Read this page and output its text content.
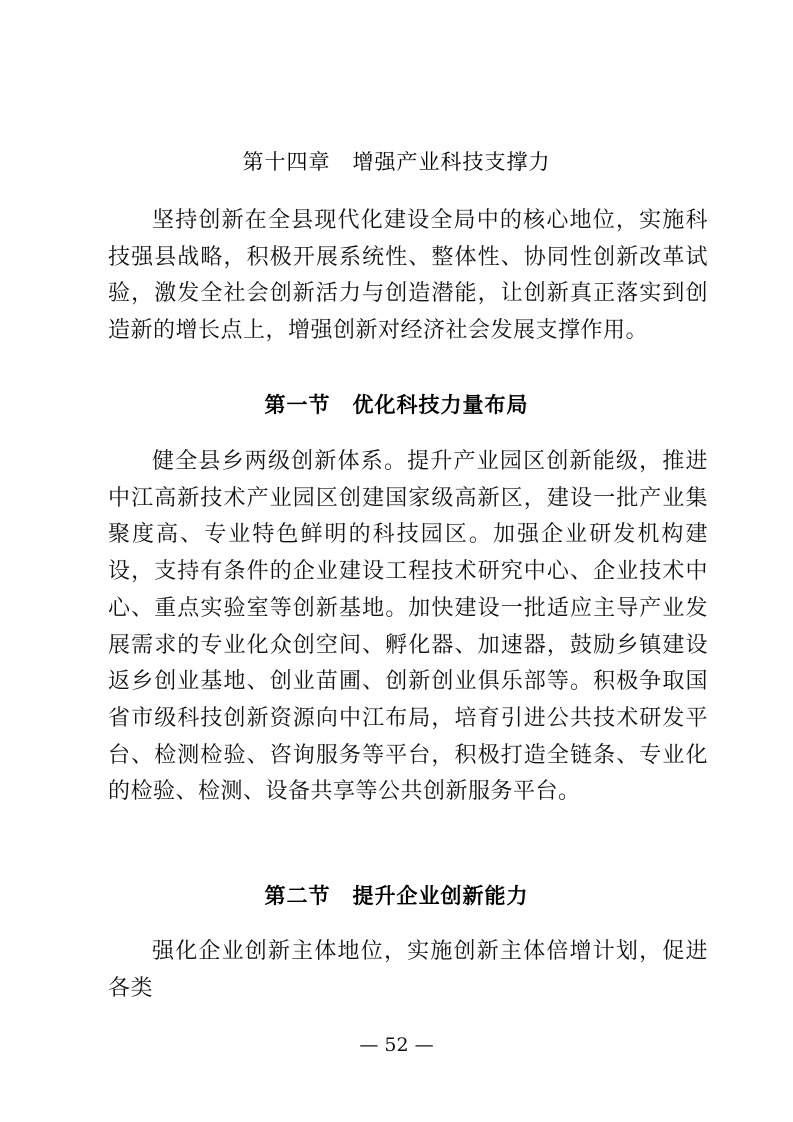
第十四章　增强产业科技支撑力

坚持创新在全县现代化建设全局中的核心地位，实施科技强县战略，积极开展系统性、整体性、协同性创新改革试验，激发全社会创新活力与创造潜能，让创新真正落实到创造新的增长点上，增强创新对经济社会发展支撑作用。

第一节　优化科技力量布局

健全县乡两级创新体系。提升产业园区创新能级，推进中江高新技术产业园区创建国家级高新区，建设一批产业集聚度高、专业特色鲜明的科技园区。加强企业研发机构建设，支持有条件的企业建设工程技术研究中心、企业技术中心、重点实验室等创新基地。加快建设一批适应主导产业发展需求的专业化众创空间、孵化器、加速器，鼓励乡镇建设返乡创业基地、创业苗圃、创新创业俱乐部等。积极争取国省市级科技创新资源向中江布局，培育引进公共技术研发平台、检测检验、咨询服务等平台，积极打造全链条、专业化的检验、检测、设备共享等公共创新服务平台。

第二节　提升企业创新能力

强化企业创新主体地位，实施创新主体倍增计划，促进各类

— 52 —
